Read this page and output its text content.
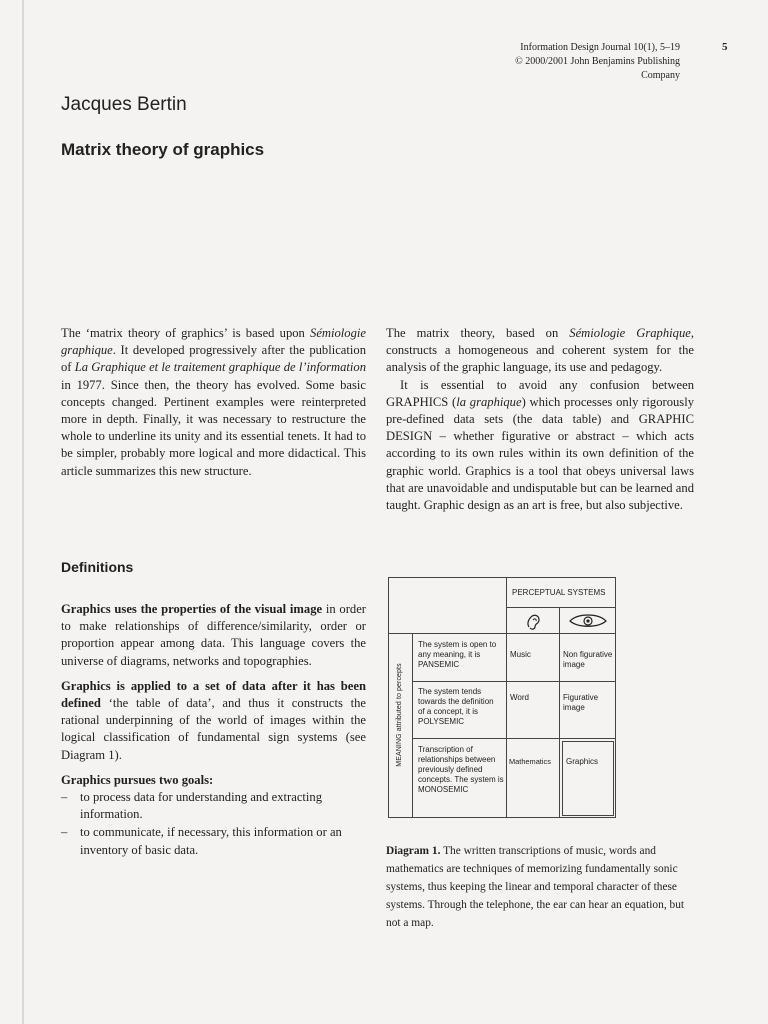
Information Design Journal 10(1), 5–19
© 2000/2001 John Benjamins Publishing Company
5
Jacques Bertin
Matrix theory of graphics

The ‘matrix theory of graphics’ is based upon Sémiologie graphique. It developed progressively after the publication of La Graphique et le traitement graphique de l’information in 1977. Since then, the theory has evolved. Some basic concepts changed. Pertinent examples were reinterpreted more in depth. Finally, it was necessary to restructure the whole to underline its unity and its essential tenets. It had to be simpler, probably more logical and more didactical. This article summarizes this new structure.

The matrix theory, based on Sémiologie Graphique, constructs a homogeneous and coherent system for the analysis of the graphic language, its use and pedagogy.

It is essential to avoid any confusion between GRAPHICS (la graphique) which processes only rigorously pre-defined data sets (the data table) and GRAPHIC DESIGN – whether figurative or abstract – which acts according to its own rules within its own definition of the graphic world. Graphics is a tool that obeys universal laws that are unavoidable and undisputable but can be learned and taught. Graphic design as an art is free, but also subjective.

Definitions

Graphics uses the properties of the visual image in order to make relationships of difference/similarity, order or proportion appear among data. This language covers the universe of diagrams, networks and topographies.

Graphics is applied to a set of data after it has been defined ‘the table of data’, and thus it constructs the rational underpinning of the world of images within the logical classification of fundamental sign systems (see Diagram 1).

Graphics pursues two goals:

– to process data for understanding and extracting information.
– to communicate, if necessary, this information or an inventory of basic data.
PERCEPTUAL SYSTEMS
MEANING attributed to percepts
The system is open to any meaning, it is PANSEMIC
Music	Non figurative image
The system tends towards the definition of a concept, it is POLYSEMIC
Word	Figurative image
Transcription of relationships between previously defined concepts. The system is MONOSEMIC
Mathematics	Graphics
Diagram 1. The written transcriptions of music, words and mathematics are techniques of memorizing fundamentally sonic systems, thus keeping the linear and temporal character of these systems. Through the telephone, the ear can hear an equation, but not a map.
